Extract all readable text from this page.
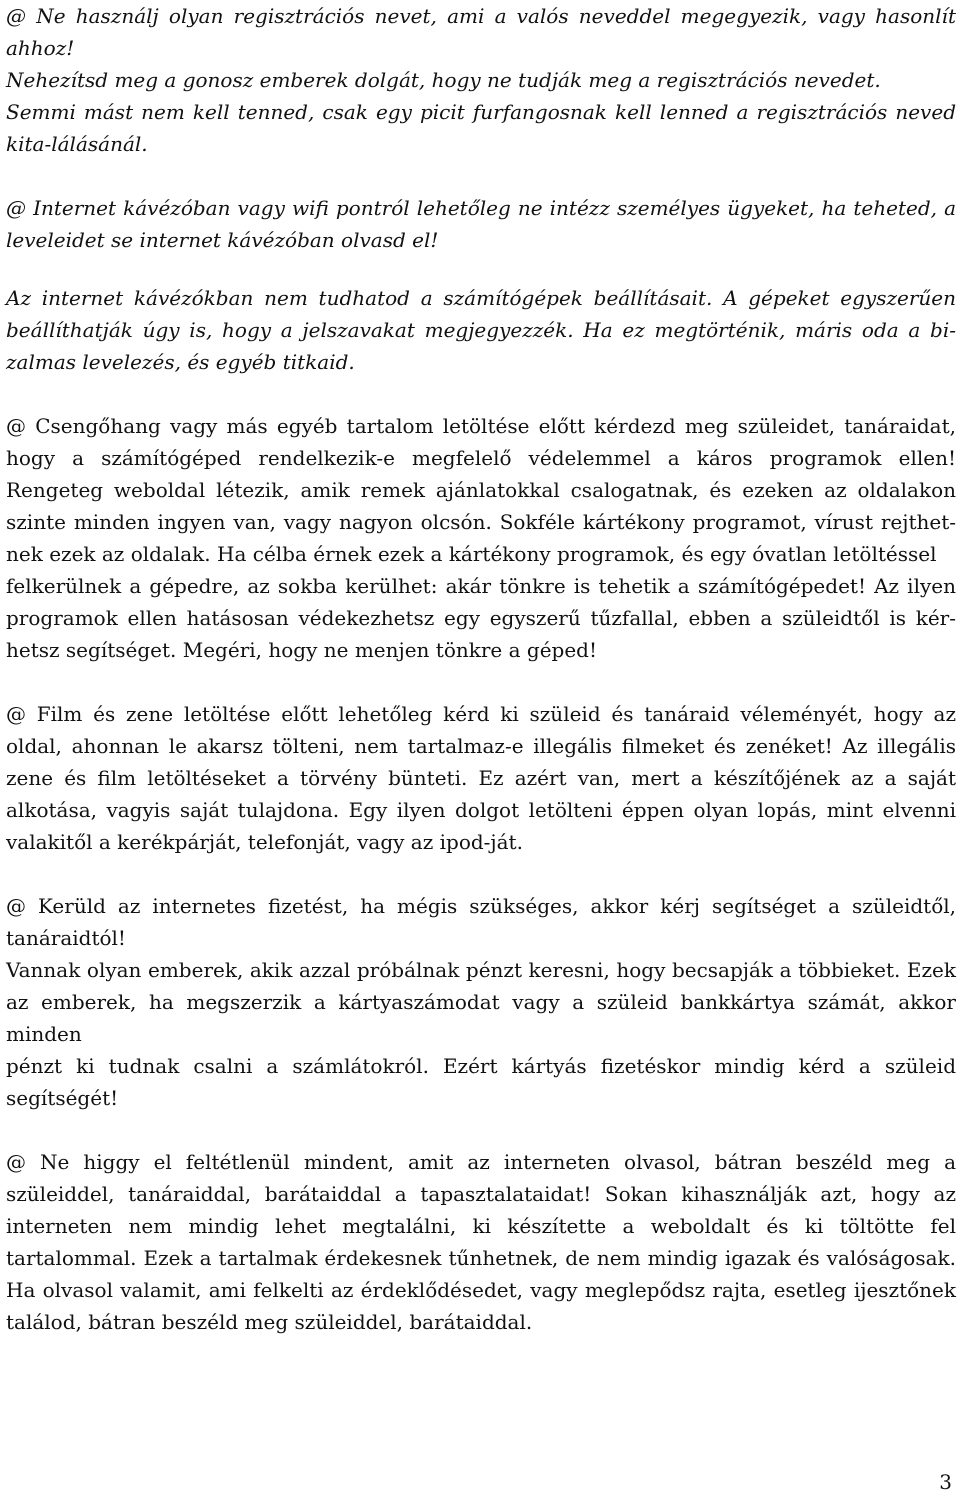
@ Ne használj olyan regisztrációs nevet, ami a valós neveddel megegyezik, vagy hasonlít ahhoz!
Nehezítsd meg a gonosz emberek dolgát, hogy ne tudják meg a regisztrációs nevedet.
Semmi mást nem kell tenned, csak egy picit furfangosnak kell lenned a regisztrációs neved kita-lálásánál.

@ Internet kávézóban vagy wifi pontról lehetőleg ne intézz személyes ügyeket, ha teheted, a leveleidet se internet kávézóban olvasd el!

Az internet kávézókban nem tudhatod a számítógépek beállításait. A gépeket egyszerűen beállíthatják úgy is, hogy a jelszavakat megjegyezzék. Ha ez megtörténik, máris oda a bi-zalmas levelezés, és egyéb titkaid.

@ Csengőhang vagy más egyéb tartalom letöltése előtt kérdezd meg szüleidet, tanáraidat, hogy a számítógéped rendelkezik-e megfelelő védelemmel a káros programok ellen! Rengeteg weboldal létezik, amik remek ajánlatokkal csalogatnak, és ezeken az oldalakon szinte minden ingyen van, vagy nagyon olcsón. Sokféle kártékony programot, vírust rejthet-nek ezek az oldalak. Ha célba érnek ezek a kártékony programok, és egy óvatlan letöltéssel
felkerülnek a gépedre, az sokba kerülhet: akár tönkre is tehetik a számítógépedet! Az ilyen programok ellen hatásosan védekezhetsz egy egyszerű tűzfallal, ebben a szüleidtől is kér-hetsz segítséget. Megéri, hogy ne menjen tönkre a géped!

@ Film és zene letöltése előtt lehetőleg kérd ki szüleid és tanáraid véleményét, hogy az oldal, ahonnan le akarsz tölteni, nem tartalmaz-e illegális filmeket és zenéket! Az illegális zene és film letöltéseket a törvény bünteti. Ez azért van, mert a készítőjének az a saját alkotása, vagyis saját tulajdona. Egy ilyen dolgot letölteni éppen olyan lopás, mint elvenni valakitől a kerékpárját, telefonját, vagy az ipod-ját.

@ Kerüld az internetes fizetést, ha mégis szükséges, akkor kérj segítséget a szüleidtől, tanáraidtól!
Vannak olyan emberek, akik azzal próbálnak pénzt keresni, hogy becsapják a többieket. Ezek az emberek, ha megszerzik a kártyaszámodat vagy a szüleid bankkártya számát, akkor minden
pénzt ki tudnak csalni a számlátokról. Ezért kártyás fizetéskor mindig kérd a szüleid segítségét!

@ Ne higgy el feltétlenül mindent, amit az interneten olvasol, bátran beszéld meg a szüleiddel, tanáraiddal, barátaiddal a tapasztalataidat! Sokan kihasználják azt, hogy az interneten nem mindig lehet megtalálni, ki készítette a weboldalt és ki töltötte fel tartalommal. Ezek a tartalmak érdekesnek tűnhetnek, de nem mindig igazak és valóságosak. Ha olvasol valamit, ami felkelti az érdeklődésedet, vagy meglepődsz rajta, esetleg ijesztőnek találod, bátran beszéld meg szüleiddel, barátaiddal.

3
